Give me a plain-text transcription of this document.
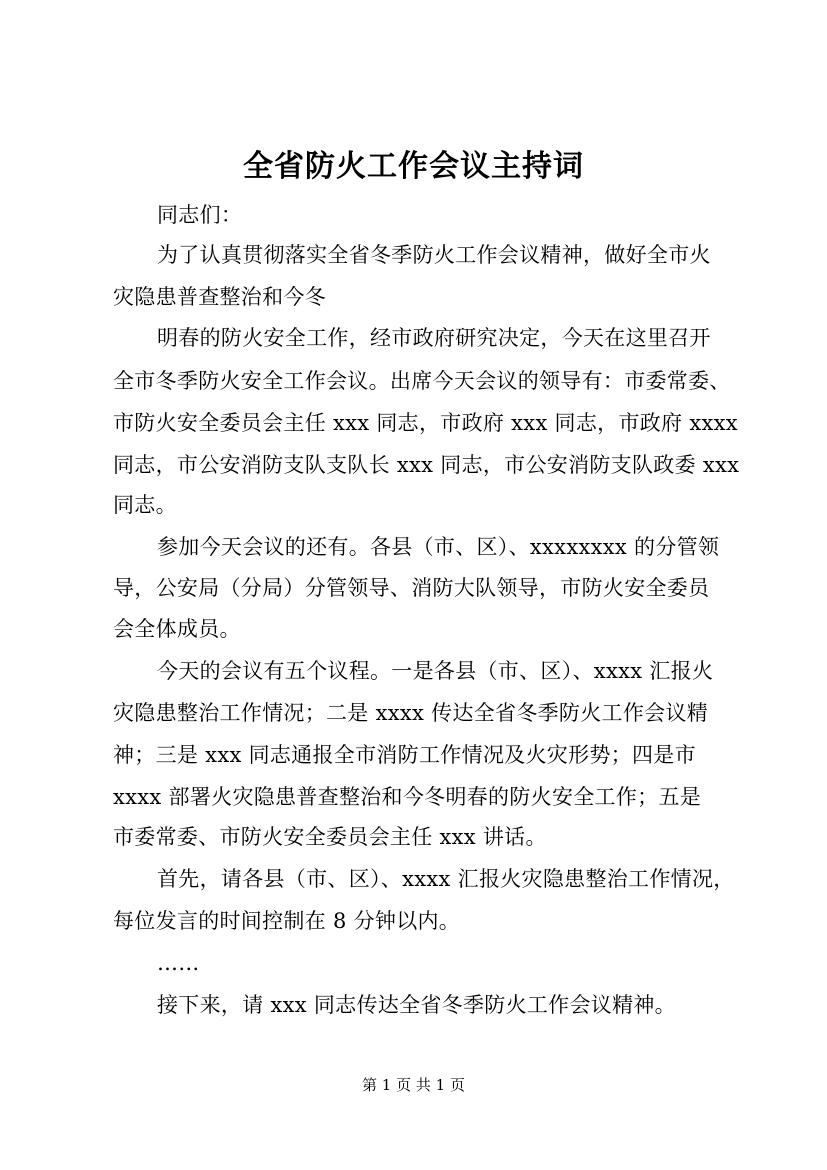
全省防火工作会议主持词
同志们：
为了认真贯彻落实全省冬季防火工作会议精神，做好全市火
灾隐患普查整治和今冬
明春的防火安全工作，经市政府研究决定，今天在这里召开
全市冬季防火安全工作会议。出席今天会议的领导有：市委常委、
市防火安全委员会主任 xxx 同志，市政府 xxx 同志，市政府 xxxx
同志，市公安消防支队支队长 xxx 同志，市公安消防支队政委 xxx
同志。
参加今天会议的还有。各县（市、区）、xxxxxxxx 的分管领
导，公安局（分局）分管领导、消防大队领导，市防火安全委员
会全体成员。
今天的会议有五个议程。一是各县（市、区）、xxxx 汇报火
灾隐患整治工作情况；二是 xxxx 传达全省冬季防火工作会议精
神；三是 xxx 同志通报全市消防工作情况及火灾形势；四是市
xxxx 部署火灾隐患普查整治和今冬明春的防火安全工作；五是
市委常委、市防火安全委员会主任 xxx 讲话。
首先，请各县（市、区）、xxxx 汇报火灾隐患整治工作情况，
每位发言的时间控制在 8 分钟以内。
……
接下来，请 xxx 同志传达全省冬季防火工作会议精神。
第 1 页 共 1 页
